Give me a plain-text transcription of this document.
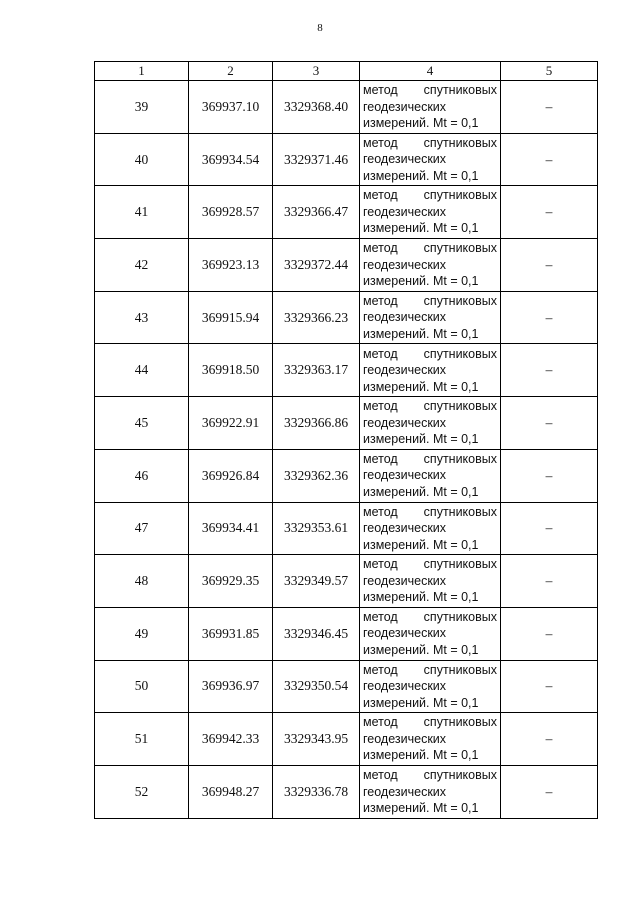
8
1	2	3	4	5
39	369937.10	3329368.40	метод спутниковых
геодезических
измерений. Mt = 0,1	–
40	369934.54	3329371.46	метод спутниковых
геодезических
измерений. Mt = 0,1	–
41	369928.57	3329366.47	метод спутниковых
геодезических
измерений. Mt = 0,1	–
42	369923.13	3329372.44	метод спутниковых
геодезических
измерений. Mt = 0,1	–
43	369915.94	3329366.23	метод спутниковых
геодезических
измерений. Mt = 0,1	–
44	369918.50	3329363.17	метод спутниковых
геодезических
измерений. Mt = 0,1	–
45	369922.91	3329366.86	метод спутниковых
геодезических
измерений. Mt = 0,1	–
46	369926.84	3329362.36	метод спутниковых
геодезических
измерений. Mt = 0,1	–
47	369934.41	3329353.61	метод спутниковых
геодезических
измерений. Mt = 0,1	–
48	369929.35	3329349.57	метод спутниковых
геодезических
измерений. Mt = 0,1	–
49	369931.85	3329346.45	метод спутниковых
геодезических
измерений. Mt = 0,1	–
50	369936.97	3329350.54	метод спутниковых
геодезических
измерений. Mt = 0,1	–
51	369942.33	3329343.95	метод спутниковых
геодезических
измерений. Mt = 0,1	–
52	369948.27	3329336.78	метод спутниковых
геодезических
измерений. Mt = 0,1	–
